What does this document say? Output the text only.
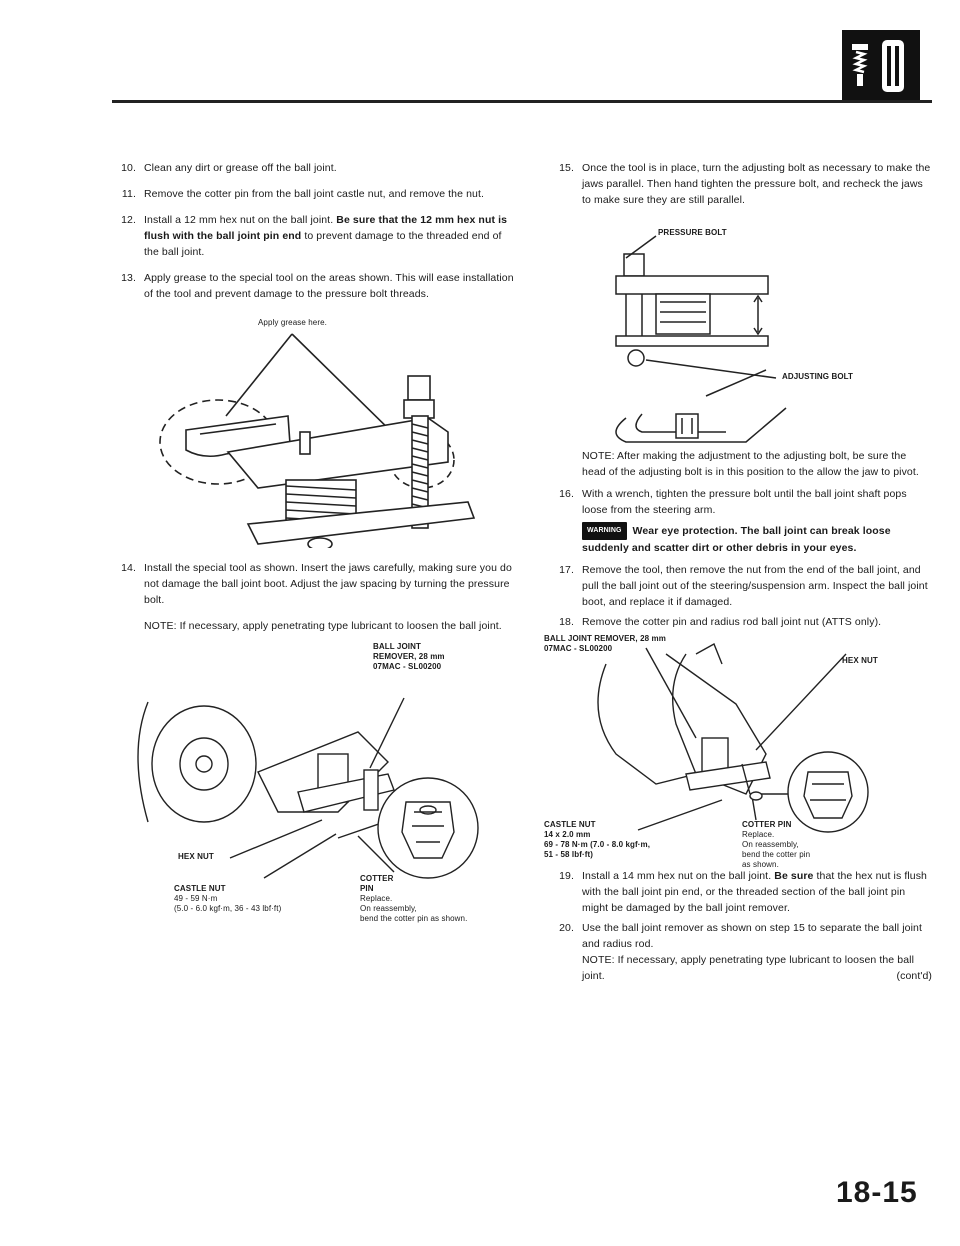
10. Clean any dirt or grease off the ball joint.
11. Remove the cotter pin from the ball joint castle nut, and remove the nut.
12. Install a 12 mm hex nut on the ball joint. Be sure that the 12 mm hex nut is flush with the ball joint pin end to prevent damage to the threaded end of the ball joint.
13. Apply grease to the special tool on the areas shown. This will ease installation of the tool and prevent damage to the pressure bolt threads.
Apply grease here.
14. Install the special tool as shown. Insert the jaws carefully, making sure you do not damage the ball joint boot. Adjust the jaw spacing by turning the pressure bolt.
NOTE: If necessary, apply penetrating type lubricant to loosen the ball joint.
BALL JOINT
REMOVER, 28 mm
07MAC - SL00200
HEX NUT
CASTLE NUT
49 - 59 N·m
(5.0 - 6.0 kgf·m, 36 - 43 lbf·ft)
COTTER
PIN
Replace.
On reassembly,
bend the cotter pin as shown.
15. Once the tool is in place, turn the adjusting bolt as necessary to make the jaws parallel. Then hand tighten the pressure bolt, and recheck the jaws to make sure they are still parallel.
PRESSURE BOLT
ADJUSTING BOLT
NOTE: After making the adjustment to the adjusting bolt, be sure the head of the adjusting bolt is in this position to the allow the jaw to pivot.
16. With a wrench, tighten the pressure bolt until the ball joint shaft pops loose from the steering arm.
WARNING Wear eye protection. The ball joint can break loose suddenly and scatter dirt or other debris in your eyes.
17. Remove the tool, then remove the nut from the end of the ball joint, and pull the ball joint out of the steering/suspension arm. Inspect the ball joint boot, and replace it if damaged.
18. Remove the cotter pin and radius rod ball joint nut (ATTS only).
BALL JOINT REMOVER, 28 mm
07MAC - SL00200
HEX NUT
CASTLE NUT
14 x 2.0 mm
69 - 78 N·m (7.0 - 8.0 kgf·m,
51 - 58 lbf·ft)
COTTER PIN
Replace.
On reassembly,
bend the cotter pin
as shown.
19. Install a 14 mm hex nut on the ball joint. Be sure that the hex nut is flush with the ball joint pin end, or the threaded section of the ball joint pin might be damaged by the ball joint remover.
20. Use the ball joint remover as shown on step 15 to separate the ball joint and radius rod.
NOTE: If necessary, apply penetrating type lubricant to loosen the ball joint.	(cont'd)
18-15
